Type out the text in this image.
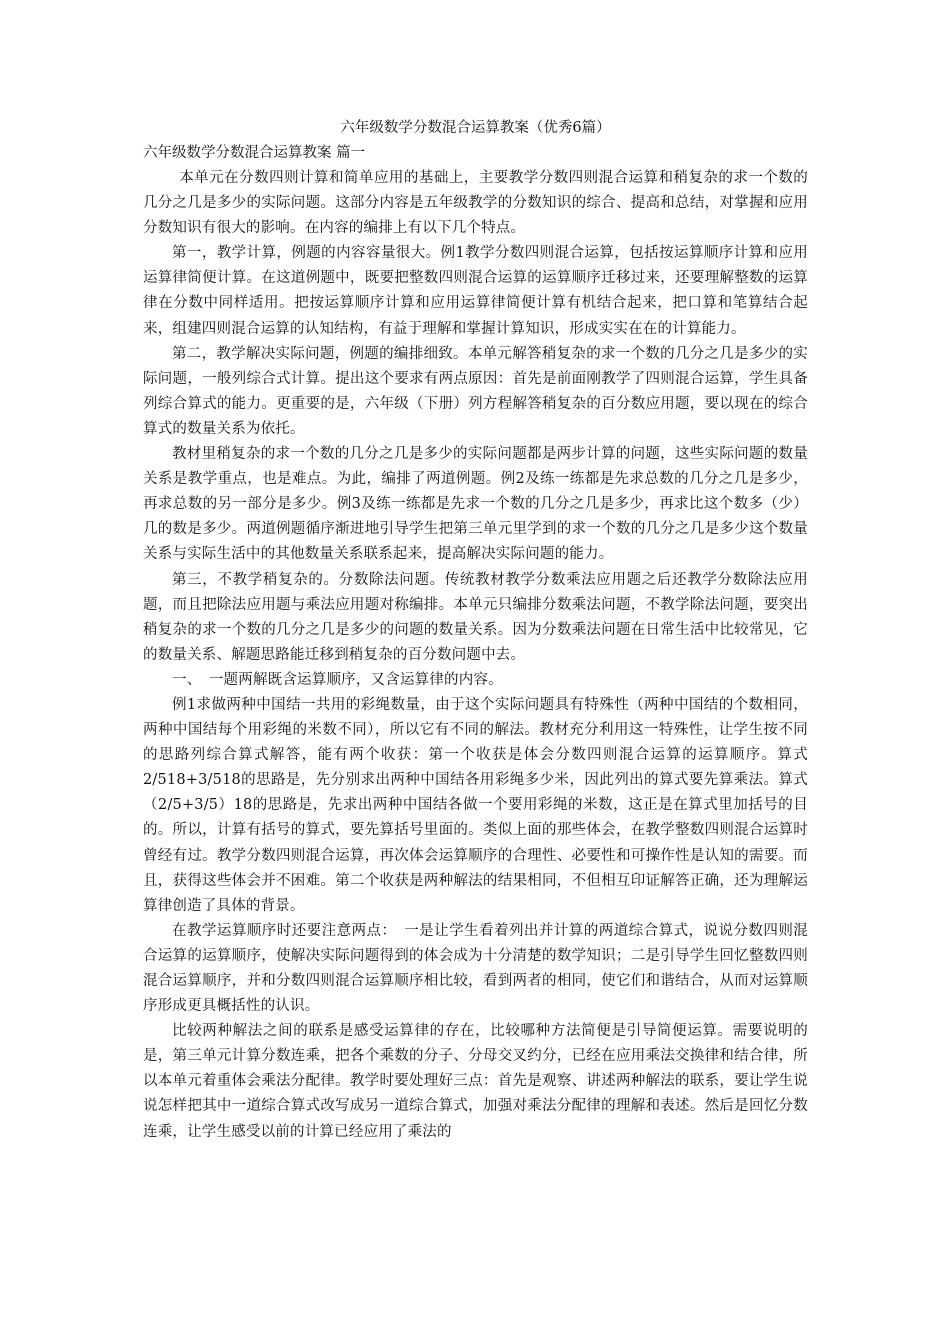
六年级数学分数混合运算教案（优秀6篇）
六年级数学分数混合运算教案 篇一

本单元在分数四则计算和简单应用的基础上，主要教学分数四则混合运算和稍复杂的求一个数的几分之几是多少的实际问题。这部分内容是五年级教学的分数知识的综合、提高和总结，对掌握和应用分数知识有很大的影响。在内容的编排上有以下几个特点。

第一，教学计算，例题的内容容量很大。例1教学分数四则混合运算，包括按运算顺序计算和应用运算律简便计算。在这道例题中，既要把整数四则混合运算的运算顺序迁移过来，还要理解整数的运算律在分数中同样适用。把按运算顺序计算和应用运算律简便计算有机结合起来，把口算和笔算结合起来，组建四则混合运算的认知结构，有益于理解和掌握计算知识，形成实实在在的计算能力。

第二，教学解决实际问题，例题的编排细致。本单元解答稍复杂的求一个数的几分之几是多少的实际问题，一般列综合式计算。提出这个要求有两点原因：首先是前面刚教学了四则混合运算，学生具备列综合算式的能力。更重要的是，六年级（下册）列方程解答稍复杂的百分数应用题，要以现在的综合算式的数量关系为依托。

教材里稍复杂的求一个数的几分之几是多少的实际问题都是两步计算的问题，这些实际问题的数量关系是教学重点，也是难点。为此，编排了两道例题。例2及练一练都是先求总数的几分之几是多少，再求总数的另一部分是多少。例3及练一练都是先求一个数的几分之几是多少，再求比这个数多（少）几的数是多少。两道例题循序渐进地引导学生把第三单元里学到的求一个数的几分之几是多少这个数量关系与实际生活中的其他数量关系联系起来，提高解决实际问题的能力。

第三，不教学稍复杂的。分数除法问题。传统教材教学分数乘法应用题之后还教学分数除法应用题，而且把除法应用题与乘法应用题对称编排。本单元只编排分数乘法问题，不教学除法问题，要突出稍复杂的求一个数的几分之几是多少的问题的数量关系。因为分数乘法问题在日常生活中比较常见，它的数量关系、解题思路能迁移到稍复杂的百分数问题中去。

一、　一题两解既含运算顺序，又含运算律的内容。

例1求做两种中国结一共用的彩绳数量，由于这个实际问题具有特殊性（两种中国结的个数相同，两种中国结每个用彩绳的米数不同），所以它有不同的解法。教材充分利用这一特殊性，让学生按不同的思路列综合算式解答，能有两个收获：第一个收获是体会分数四则混合运算的运算顺序。算式2/518+3/518的思路是，先分别求出两种中国结各用彩绳多少米，因此列出的算式要先算乘法。算式（2/5+3/5）18的思路是，先求出两种中国结各做一个要用彩绳的米数，这正是在算式里加括号的目的。所以，计算有括号的算式，要先算括号里面的。类似上面的那些体会，在教学整数四则混合运算时曾经有过。教学分数四则混合运算，再次体会运算顺序的合理性、必要性和可操作性是认知的需要。而且，获得这些体会并不困难。第二个收获是两种解法的结果相同，不但相互印证解答正确，还为理解运算律创造了具体的背景。

在教学运算顺序时还要注意两点：　一是让学生看着列出并计算的两道综合算式，说说分数四则混合运算的运算顺序，使解决实际问题得到的体会成为十分清楚的数学知识；二是引导学生回忆整数四则混合运算顺序，并和分数四则混合运算顺序相比较，看到两者的相同，使它们和谐结合，从而对运算顺序形成更具概括性的认识。

比较两种解法之间的联系是感受运算律的存在，比较哪种方法简便是引导简便运算。需要说明的是，第三单元计算分数连乘，把各个乘数的分子、分母交叉约分，已经在应用乘法交换律和结合律，所以本单元着重体会乘法分配律。教学时要处理好三点：首先是观察、讲述两种解法的联系，要让学生说说怎样把其中一道综合算式改写成另一道综合算式，加强对乘法分配律的理解和表述。然后是回忆分数连乘，让学生感受以前的计算已经应用了乘法的
